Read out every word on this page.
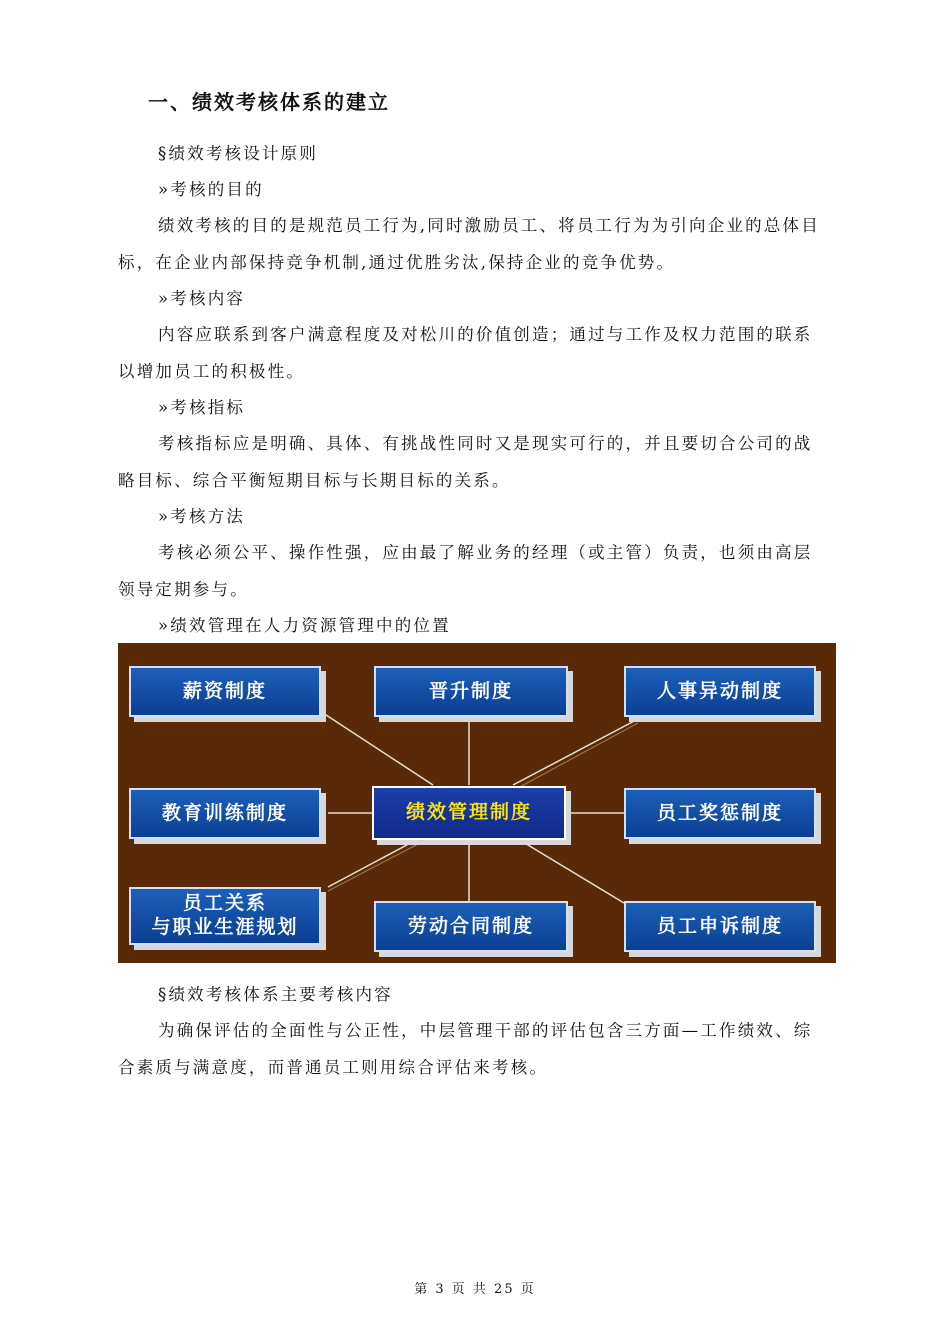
一、绩效考核体系的建立
§绩效考核设计原则
»考核的目的
绩效考核的目的是规范员工行为,同时激励员工、将员工行为为引向企业的总体目
标，在企业内部保持竞争机制,通过优胜劣汰,保持企业的竞争优势。
»考核内容
内容应联系到客户满意程度及对松川的价值创造；通过与工作及权力范围的联系
以增加员工的积极性。
»考核指标
考核指标应是明确、具体、有挑战性同时又是现实可行的，并且要切合公司的战
略目标、综合平衡短期目标与长期目标的关系。
»考核方法
考核必须公平、操作性强，应由最了解业务的经理（或主管）负责，也须由高层
领导定期参与。
»绩效管理在人力资源管理中的位置
薪资制度	晋升制度	人事异动制度
教育训练制度	绩效管理制度	员工奖惩制度
员工关系
与职业生涯规划	劳动合同制度	员工申诉制度
§绩效考核体系主要考核内容
为确保评估的全面性与公正性，中层管理干部的评估包含三方面—工作绩效、综
合素质与满意度，而普通员工则用综合评估来考核。
第 3 页 共 25 页
